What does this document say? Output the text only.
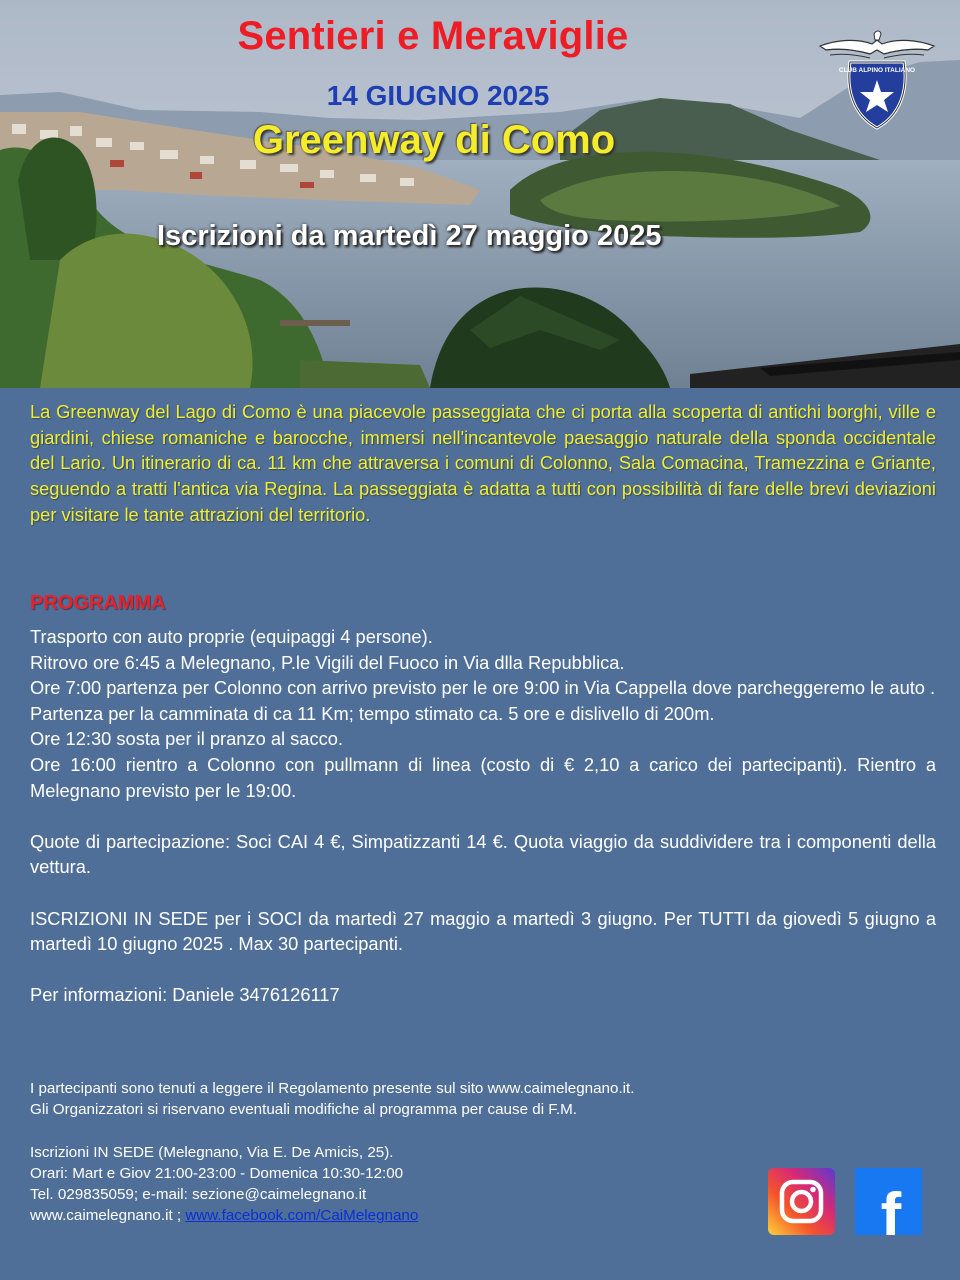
Sentieri e Meraviglie
14 GIUGNO 2025
Greenway di Como
Iscrizioni da martedì 27 maggio 2025
CLUB ALPINO ITALIANO
La Greenway del Lago di Como è una piacevole passeggiata che ci porta alla scoperta di antichi borghi, ville e giardini, chiese romaniche e barocche, immersi nell'incantevole paesaggio naturale della sponda occidentale del Lario. Un itinerario di ca. 11 km che attraversa i comuni di Colonno, Sala Comacina, Tramezzina e Griante, seguendo a tratti l'antica via Regina. La passeggiata è adatta a tutti con possibilità di fare delle brevi deviazioni per visitare le tante attrazioni del territorio.
PROGRAMMA

Trasporto con auto proprie (equipaggi 4 persone).

Ritrovo ore 6:45 a Melegnano, P.le Vigili del Fuoco in Via dlla Repubblica.

Ore 7:00 partenza per Colonno con arrivo previsto per le ore 9:00 in Via Cappella dove parcheggeremo le auto .

Partenza per la camminata di ca 11 Km; tempo stimato ca. 5 ore e dislivello di 200m.

Ore 12:30 sosta per il pranzo al sacco.

Ore 16:00 rientro a Colonno con pullmann di linea (costo di € 2,10 a carico dei partecipanti). Rientro a Melegnano previsto per le 19:00.

Quote di partecipazione: Soci CAI 4 €, Simpatizzanti 14 €. Quota viaggio da suddividere tra i componenti della vettura.

ISCRIZIONI IN SEDE per i SOCI da martedì 27 maggio a martedì 3 giugno. Per TUTTI da giovedì 5 giugno a martedì 10 giugno 2025 . Max 30 partecipanti.

Per informazioni: Daniele 3476126117

I partecipanti sono tenuti a leggere il Regolamento presente sul sito www.caimelegnano.it.
Gli Organizzatori si riservano eventuali modifiche al programma per cause di F.M.
Iscrizioni IN SEDE (Melegnano, Via E. De Amicis, 25).
Orari: Mart e Giov 21:00-23:00 - Domenica 10:30-12:00
Tel. 029835059; e-mail: sezione@caimelegnano.it
www.caimelegnano.it ; www.facebook.com/CaiMelegnano	f
